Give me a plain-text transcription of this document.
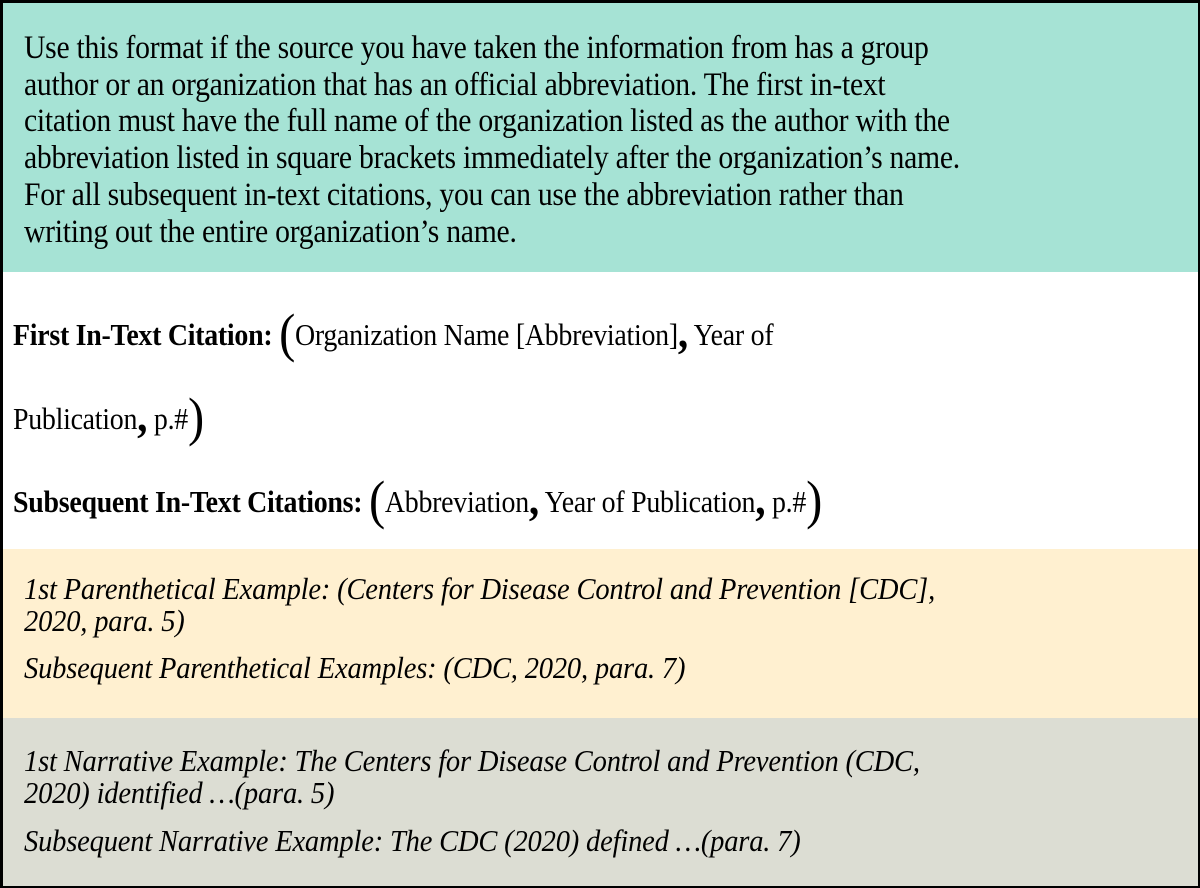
Use this format if the source you have taken the information from has a group
author or an organization that has an official abbreviation. The first in-text
citation must have the full name of the organization listed as the author with the
abbreviation listed in square brackets immediately after the organization’s name.
For all subsequent in-text citations, you can use the abbreviation rather than
writing out the entire organization’s name.
First In-Text Citation: (Organization Name [Abbreviation], Year of
Publication, p.#)
Subsequent In-Text Citations: (Abbreviation, Year of Publication, p.#)
1st Parenthetical Example: (Centers for Disease Control and Prevention [CDC],
2020, para. 5)
Subsequent Parenthetical Examples: (CDC, 2020, para. 7)
1st Narrative Example: The Centers for Disease Control and Prevention (CDC,
2020) identified …(para. 5)
Subsequent Narrative Example: The CDC (2020) defined …(para. 7)
